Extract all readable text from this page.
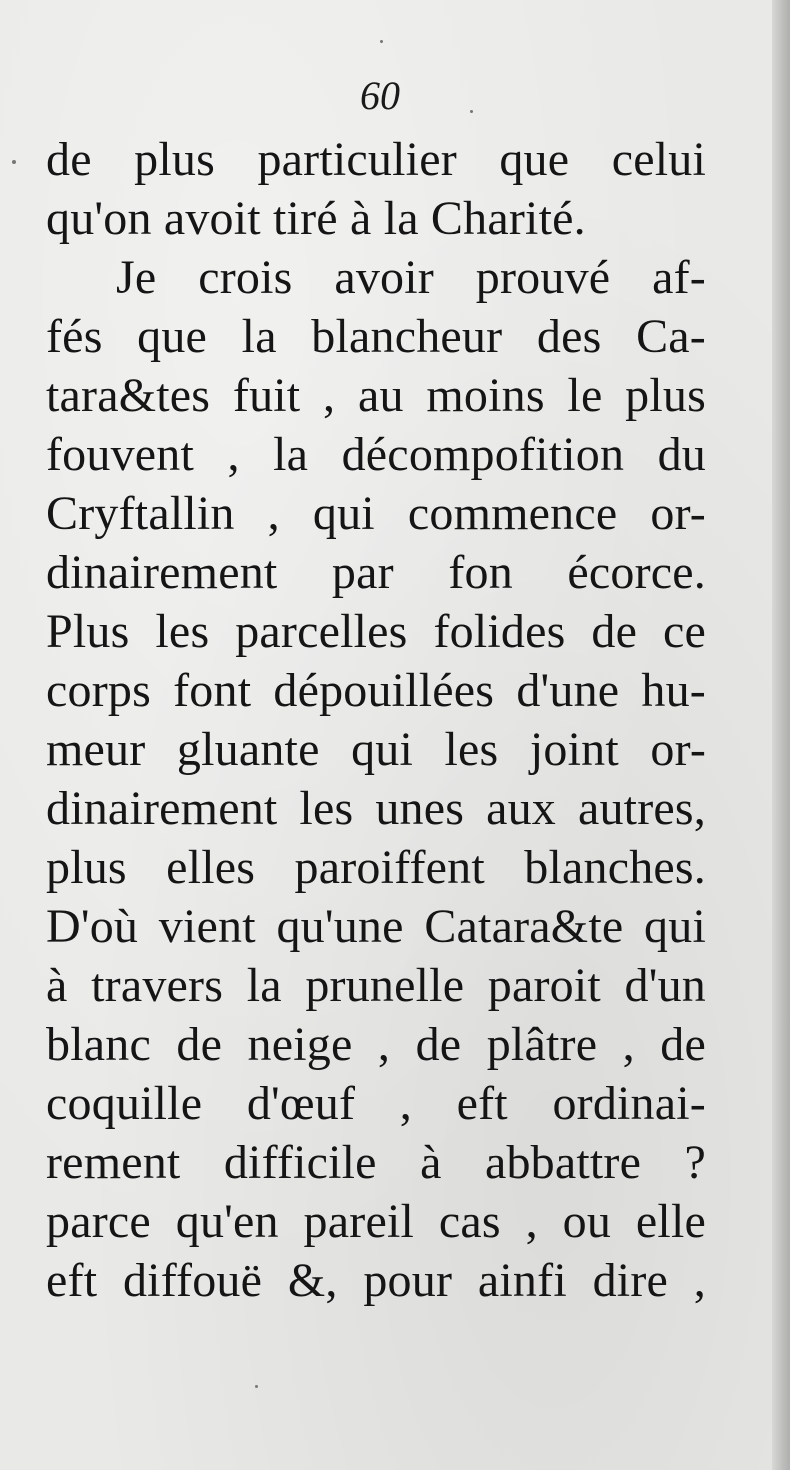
60
de plus particulier que celui
qu'on avoit tiré à la Charité.
Je crois avoir prouvé af-
fés que la blancheur des Ca-
tara&tes fuit , au moins le plus
fouvent , la décompofition du
Cryftallin , qui commence or-
dinairement par fon écorce.
Plus les parcelles folides de ce
corps font dépouillées d'une hu-
meur gluante qui les joint or-
dinairement les unes aux autres,
plus elles paroiffent blanches.
D'où vient qu'une Catara&te qui
à travers la prunelle paroit d'un
blanc de neige , de plâtre , de
coquille d'œuf , eft ordinai-
rement difficile à abbattre ?
parce qu'en pareil cas , ou elle
eft diffouë &, pour ainfi dire ,
